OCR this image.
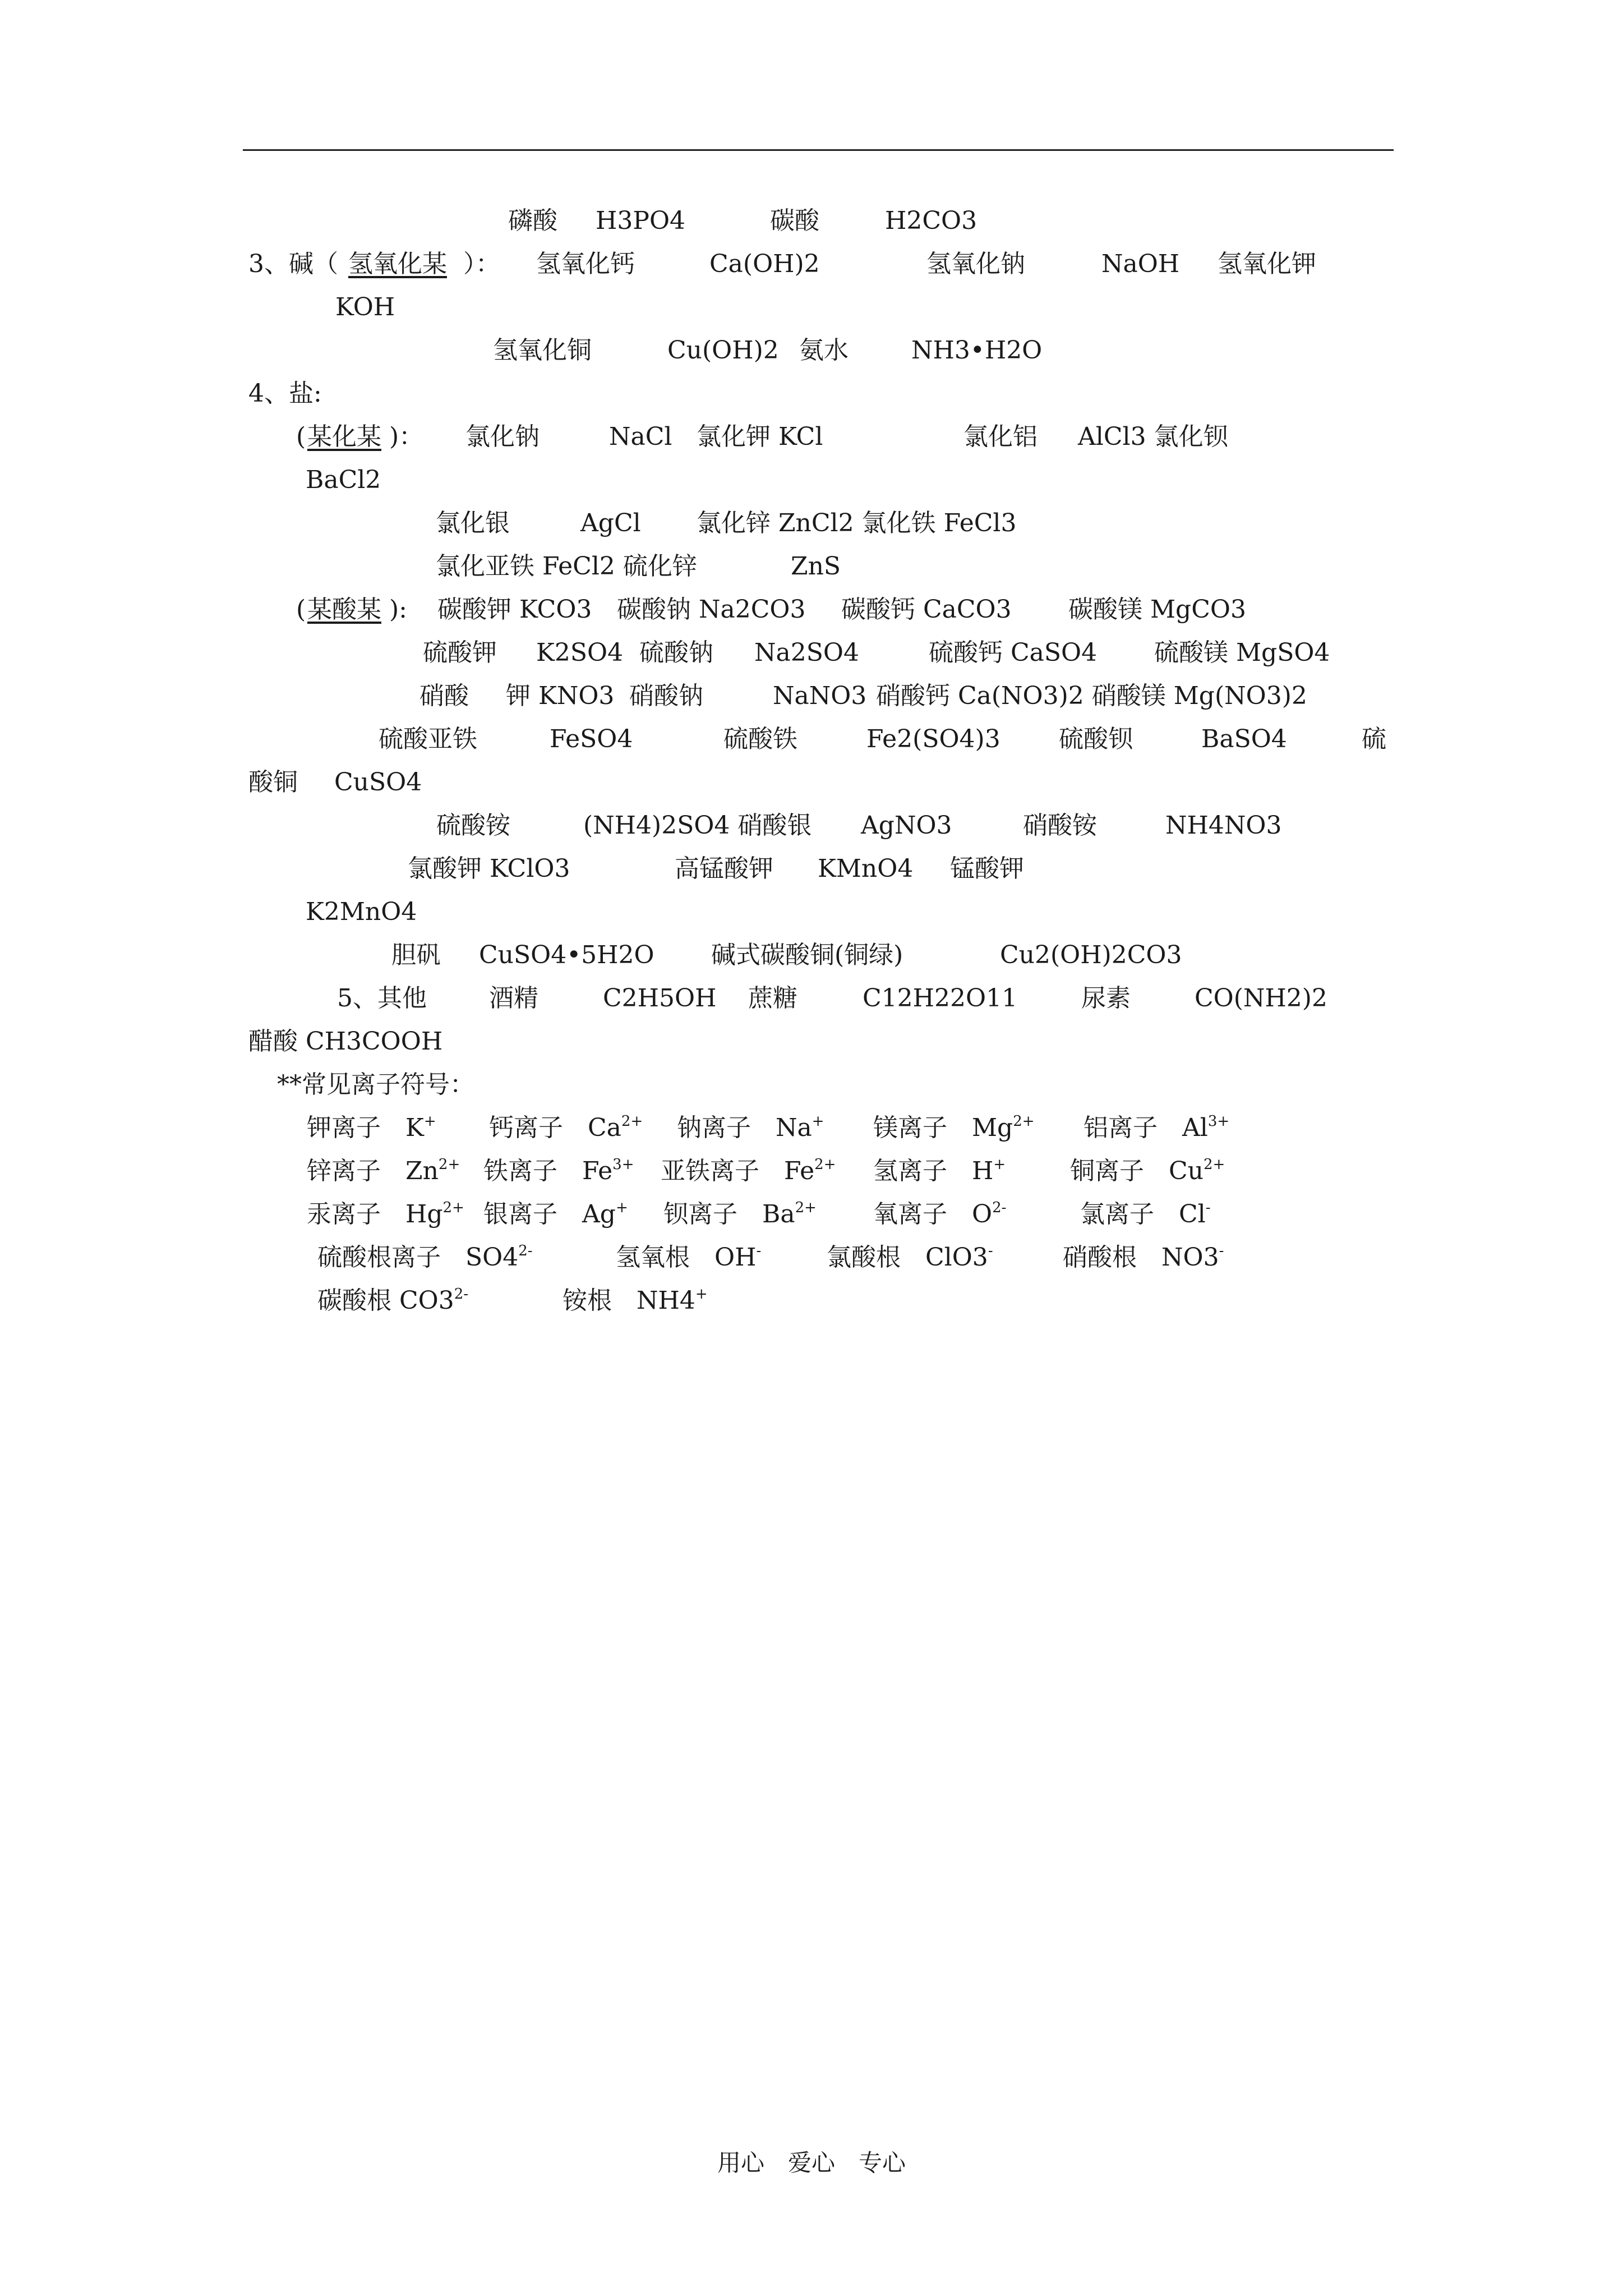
磷酸 H3PO4	碳酸	H2CO3
3、碱（ 氢氧化某 ）： 氢氧化钙	Ca(OH)2	氢氧化钠	NaOH 氢氧化钾
KOH
氢氧化铜	Cu(OH)2 氨水	NH3•H2O
4、盐:
( 某化某 )： 氯化钠	NaCl 氯化钾 KCl	氯化铝 AlCl3 氯化钡
BaCl2
氯化银	AgCl 氯化锌 ZnCl2 氯化铁 FeCl3
氯化亚铁 FeCl2 硫化锌	ZnS
( 某酸某 ): 碳酸钾 KCO3 碳酸钠 Na2CO3 碳酸钙 CaCO3 碳酸镁 MgCO3
硫酸钾 K2SO4 硫酸钠 Na2SO4	硫酸钙 CaSO4 硫酸镁 MgSO4
硝酸 钾 KNO3 硝酸钠	NaNO3 硝酸钙 Ca(NO3)2 硝酸镁 Mg(NO3)2
硫酸亚铁	FeSO4	硫酸铁	Fe2(SO4)3 硫酸钡	BaSO4	硫
酸铜 CuSO4
硫酸铵	(NH4)2SO4 硝酸银 AgNO3	硝酸铵	NH4NO3
氯酸钾 KClO3	高锰酸钾 KMnO4 锰酸钾
K2MnO4
胆矾 CuSO4•5H2O 碱式碳酸铜(铜绿)	Cu2(OH)2CO3
5、其他	酒精	C2H5OH 蔗糖	C12H22O11	尿素	CO(NH2)2
醋酸 CH3COOH
**常见离子符号：
钾离子　 K+ 钙离子　 $Ca^{2+}$ 钠离子　 Na+ 镁离子　 $Mg^{2+}$ 铝离子　 $Al^{3+}$
锌离子　 $Zn^{2+}$ 铁离子　 $Fe^{3+}$ 亚铁离子　 $Fe^{2+}$ 氢离子　 H+	铜离子　 $Cu^{2+}$
汞离子　 $Hg^{2+}$ 银离子　 Ag+ 钡离子　 $Ba^{2+}$ 氧离子　 $O^{2-}$	氯离子　 Cl-
硫酸根离子　 $SO4^{2-}$	氢氧根　 OH-	氯酸根　 ClO3-	硝酸根　 NO3-
碳酸根 $CO3^{2-}$	铵根　 NH4+
用心　爱心　专心
